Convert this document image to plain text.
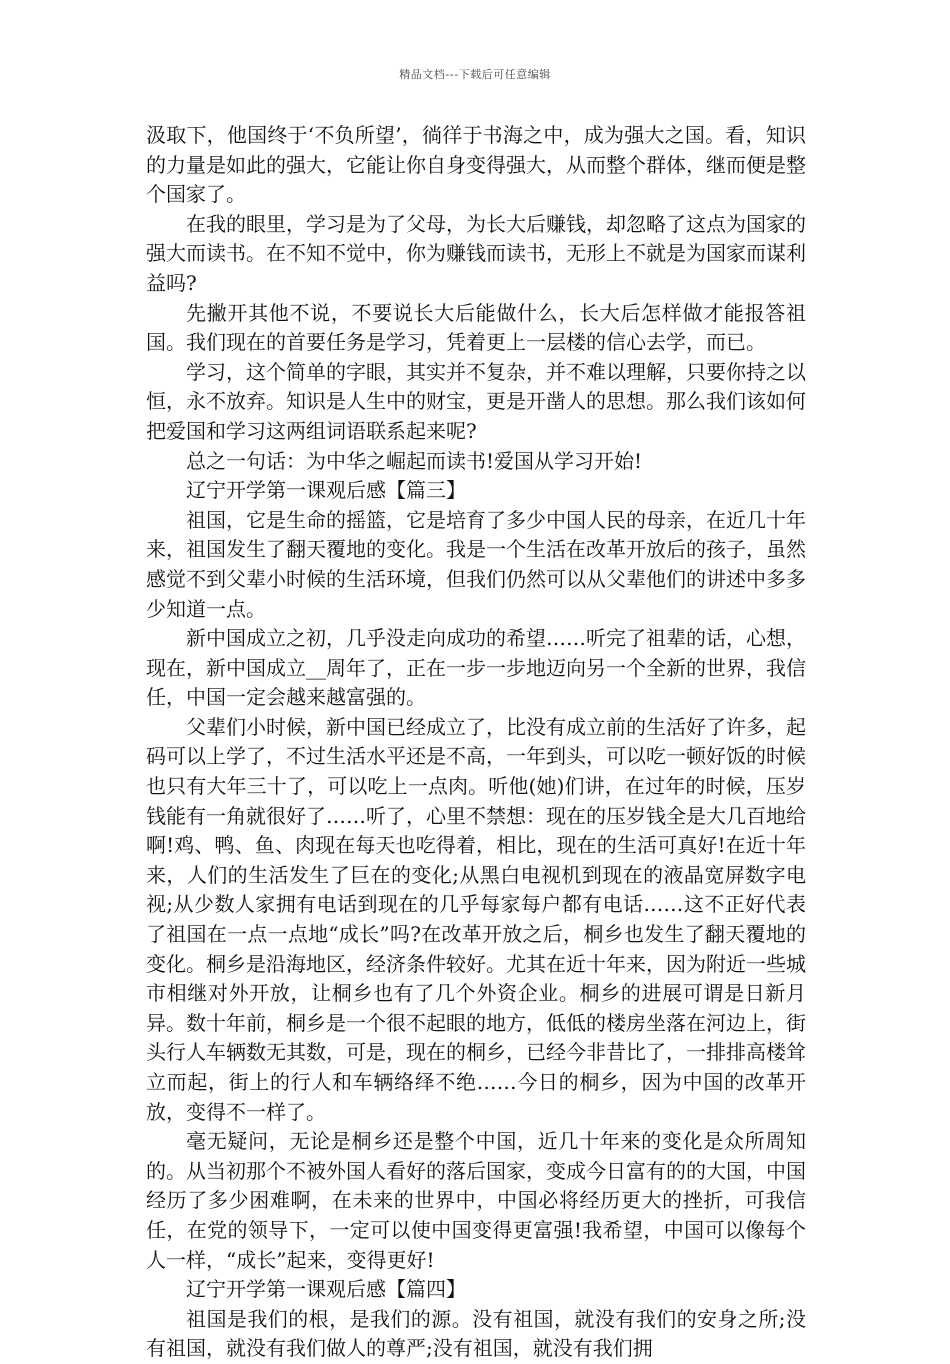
精品文档---下载后可任意编辑

汲取下，他国终于‘不负所望’，徜徉于书海之中，成为强大之国。看，知识的力量是如此的强大，它能让你自身变得强大，从而整个群体，继而便是整个国家了。

在我的眼里，学习是为了父母，为长大后赚钱，却忽略了这点为国家的强大而读书。在不知不觉中，你为赚钱而读书，无形上不就是为国家而谋利益吗?

先撇开其他不说，不要说长大后能做什么，长大后怎样做才能报答祖国。我们现在的首要任务是学习，凭着更上一层楼的信心去学，而已。

学习，这个简单的字眼，其实并不复杂，并不难以理解，只要你持之以恒，永不放弃。知识是人生中的财宝，更是开凿人的思想。那么我们该如何把爱国和学习这两组词语联系起来呢?

总之一句话：为中华之崛起而读书!爱国从学习开始!

辽宁开学第一课观后感【篇三】

祖国，它是生命的摇篮，它是培育了多少中国人民的母亲，在近几十年来，祖国发生了翻天覆地的变化。我是一个生活在改革开放后的孩子，虽然感觉不到父辈小时候的生活环境，但我们仍然可以从父辈他们的讲述中多多少知道一点。

新中国成立之初，几乎没走向成功的希望……听完了祖辈的话，心想，现在，新中国成立__周年了，正在一步一步地迈向另一个全新的世界，我信任，中国一定会越来越富强的。

父辈们小时候，新中国已经成立了，比没有成立前的生活好了许多，起码可以上学了，不过生活水平还是不高，一年到头，可以吃一顿好饭的时候也只有大年三十了，可以吃上一点肉。听他(她)们讲，在过年的时候，压岁钱能有一角就很好了……听了，心里不禁想：现在的压岁钱全是大几百地给啊!鸡、鸭、鱼、肉现在每天也吃得着，相比，现在的生活可真好!在近十年来，人们的生活发生了巨在的变化;从黑白电视机到现在的液晶宽屏数字电视;从少数人家拥有电话到现在的几乎每家每户都有电话……这不正好代表了祖国在一点一点地“成长”吗?在改革开放之后，桐乡也发生了翻天覆地的变化。桐乡是沿海地区，经济条件较好。尤其在近十年来，因为附近一些城市相继对外开放，让桐乡也有了几个外资企业。桐乡的进展可谓是日新月异。数十年前，桐乡是一个很不起眼的地方，低低的楼房坐落在河边上，街头行人车辆数无其数，可是，现在的桐乡，已经今非昔比了，一排排高楼耸立而起，街上的行人和车辆络绎不绝……今日的桐乡，因为中国的改革开放，变得不一样了。

毫无疑问，无论是桐乡还是整个中国，近几十年来的变化是众所周知的。从当初那个不被外国人看好的落后国家，变成今日富有的的大国，中国经历了多少困难啊，在未来的世界中，中国必将经历更大的挫折，可我信任，在党的领导下，一定可以使中国变得更富强!我希望，中国可以像每个人一样，“成长”起来，变得更好!

辽宁开学第一课观后感【篇四】

祖国是我们的根，是我们的源。没有祖国，就没有我们的安身之所;没有祖国，就没有我们做人的尊严;没有祖国，就没有我们拥
